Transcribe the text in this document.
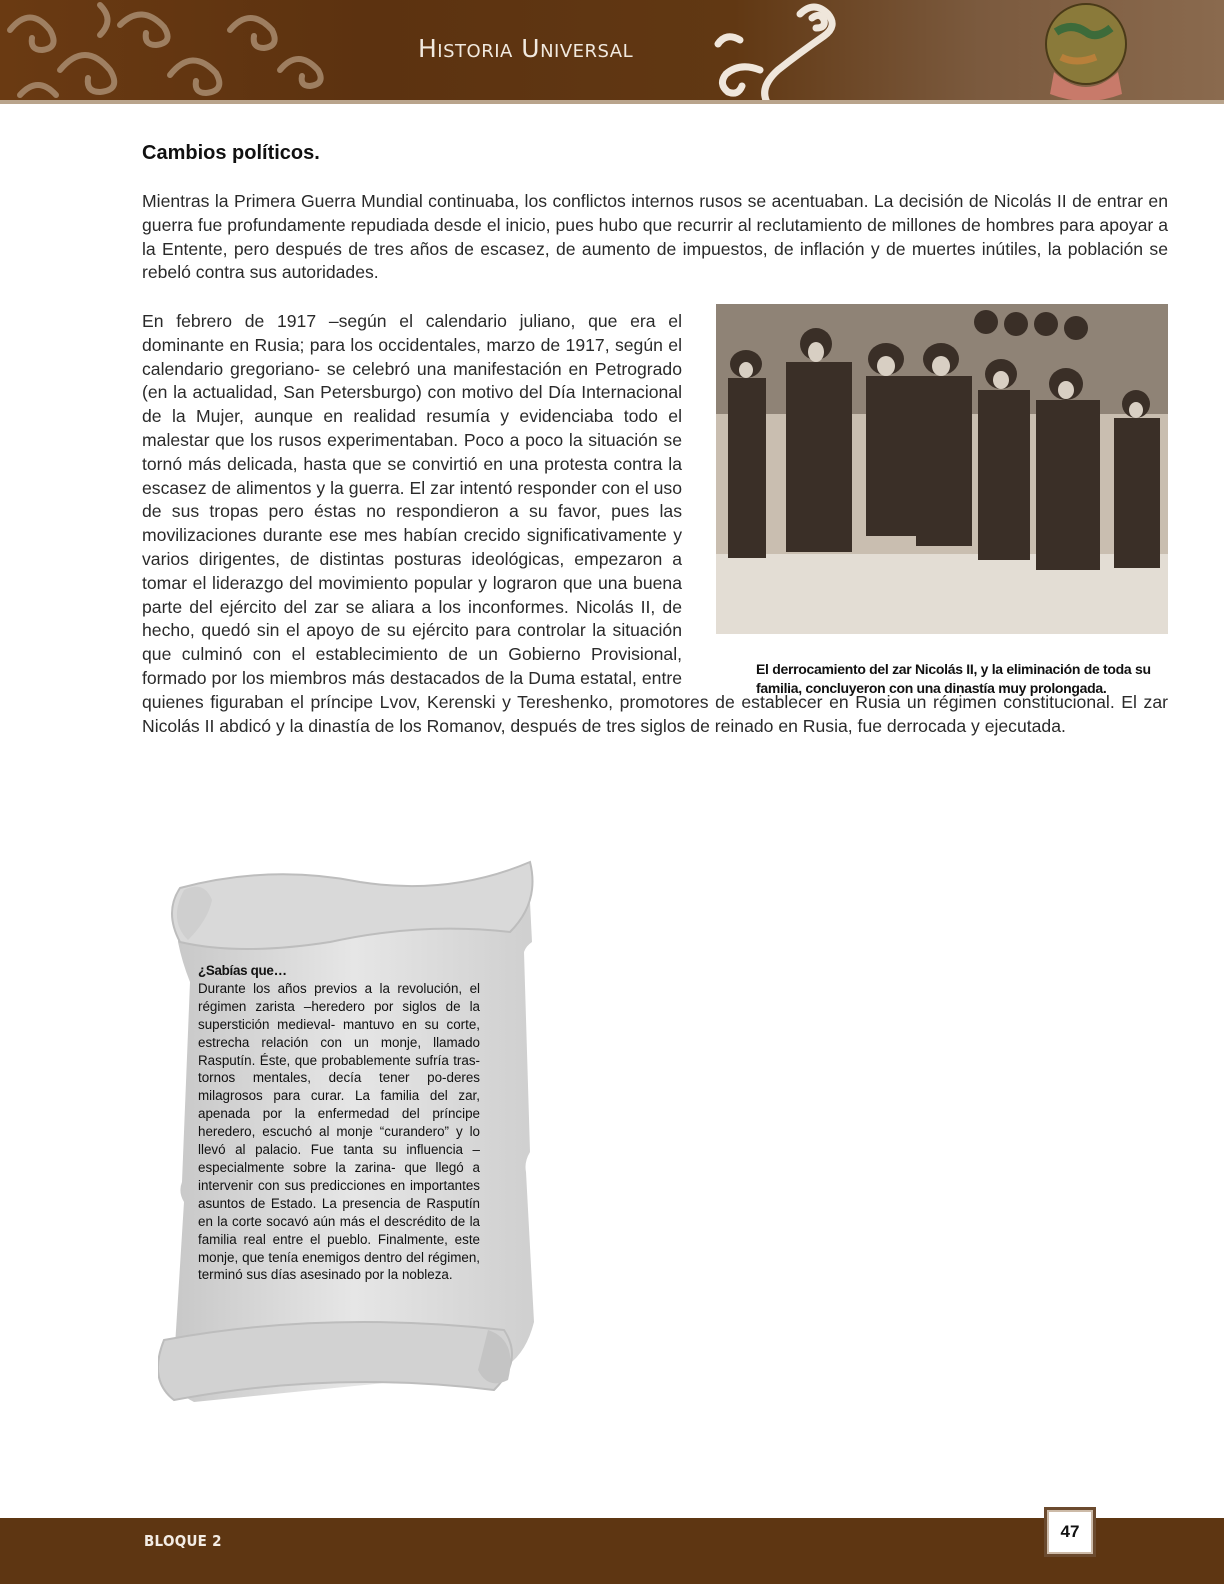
Historia Universal
Cambios políticos.

Mientras la Primera Guerra Mundial continuaba, los conflictos internos rusos se acentuaban. La decisión de Nicolás II de entrar en guerra fue profundamente repudiada desde el inicio, pues hubo que recurrir al reclutamiento de millones de hombres para apoyar a la Entente, pero después de tres años de escasez, de aumento de impuestos, de inflación y de muertes inútiles, la población se rebeló contra sus autoridades.

El derrocamiento del zar Nicolás II, y la eliminación de toda su familia, concluyeron con una dinastía muy prolongada.

En febrero de 1917 –según el calendario juliano, que era el dominante en Rusia; para los occidentales, marzo de 1917, según el calendario gregoriano- se celebró una manifestación en Petrogrado (en la actualidad, San Petersburgo) con motivo del Día Internacional de la Mujer, aunque en realidad resumía y evidenciaba todo el malestar que los rusos experimentaban. Poco a poco la situación se tornó más delicada, hasta que se convirtió en una protesta contra la escasez de alimentos y la guerra. El zar intentó responder con el uso de sus tropas pero éstas no respondieron a su favor, pues las movilizaciones durante ese mes habían crecido significativamente y varios dirigentes, de distintas posturas ideológicas, empezaron a tomar el liderazgo del movimiento popular y lograron que una buena parte del ejército del zar se aliara a los inconformes. Nicolás II, de hecho, quedó sin el apoyo de su ejército para controlar la situación que culminó con el establecimiento de un Gobierno Provisional, formado por los miembros más destacados de la Duma estatal, entre quienes figuraban el príncipe Lvov, Kerenski y Tereshenko, promotores de establecer en Rusia un régimen constitucional. El zar Nicolás II abdicó y la dinastía de los Romanov, después de tres siglos de reinado en Rusia, fue derrocada y ejecutada.

¿Sabías que…
Durante los años previos a la revolución, el régimen zarista –heredero por siglos de la superstición medieval- mantuvo en su corte, estrecha relación con un monje, llamado Rasputín. Éste, que probablemente sufría tras-tornos mentales, decía tener po-deres milagrosos para curar. La familia del zar, apenada por la enfermedad del príncipe heredero, escuchó al monje “curandero” y lo llevó al palacio. Fue tanta su influencia –especialmente sobre la zarina- que llegó a intervenir con sus predicciones en importantes asuntos de Estado. La presencia de Rasputín en la corte socavó aún más el descrédito de la familia real entre el pueblo. Finalmente, este monje, que tenía enemigos dentro del régimen, terminó sus días asesinado por la nobleza.
BLOQUE 2	47
